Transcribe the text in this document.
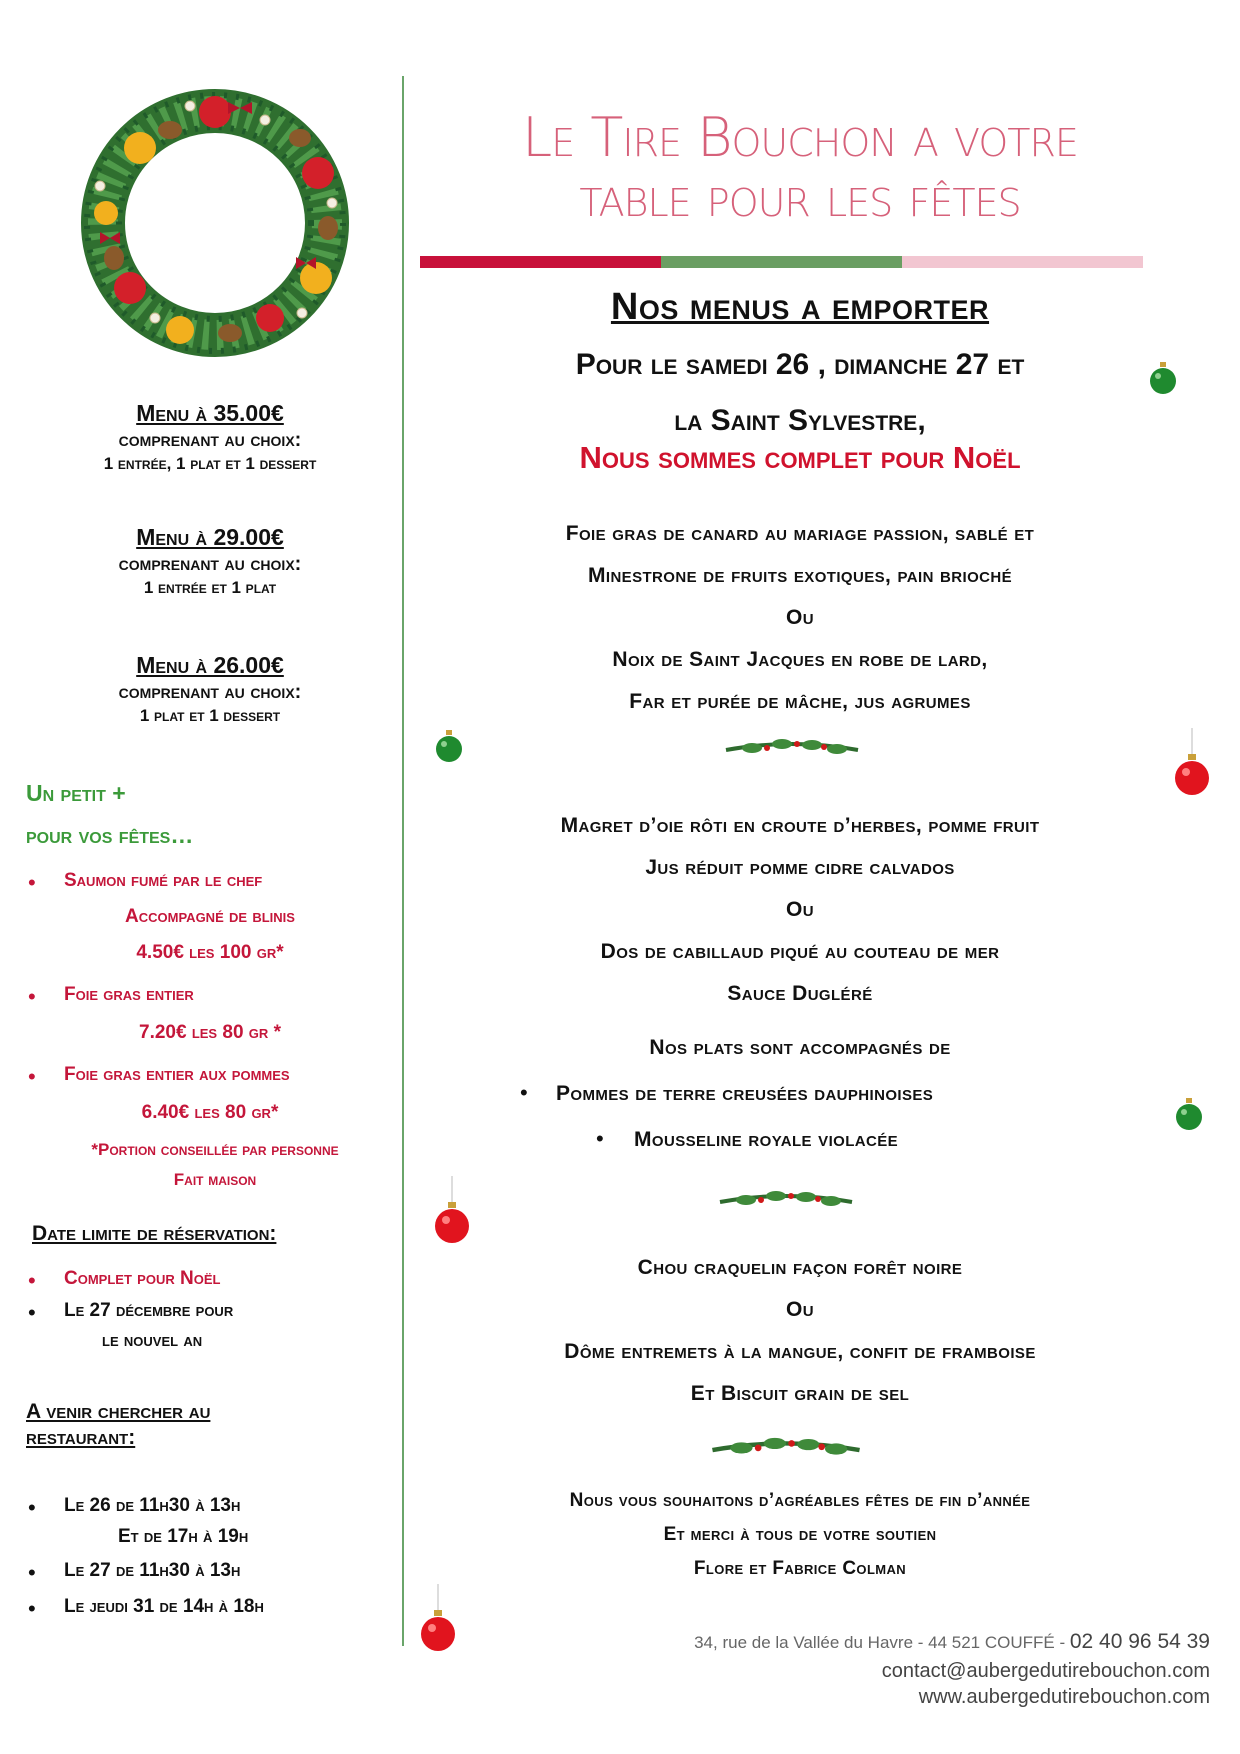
Menu à 35.00€
comprenant au choix:
1 entrée, 1 plat et 1 dessert
Menu à 29.00€
comprenant au choix:
1 entrée et 1 plat
Menu à 26.00€
comprenant au choix:
1 plat et 1 dessert
Un petit +
pour vos fêtes…
• Saumon fumé par le chef
Accompagné de blinis
4.50€ les 100 gr*
• Foie gras entier
7.20€ les 80 gr *
• Foie gras entier aux pommes
6.40€ les 80 gr*
*Portion conseillée par personne
Fait maison
Date limite de réservation:
• Complet pour Noël
• Le 27 décembre pour
le nouvel an
A venir chercher au
restaurant:
• Le 26 de 11h30 à 13h
Et de 17h à 19h
• Le 27 de 11h30 à 13h
• Le jeudi 31 de 14h à 18h
Le Tire Bouchon a votre
table pour les fêtes
Nos menus a emporter
Pour le samedi 26 , dimanche 27 et
la Saint Sylvestre,
Nous sommes complet pour Noël
Foie gras de canard au mariage passion, sablé et
Minestrone de fruits exotiques, pain brioché
Ou
Noix de Saint Jacques en robe de lard,
Far et purée de mâche, jus agrumes
Magret d’oie rôti en croute d’herbes, pomme fruit
Jus réduit pomme cidre calvados
Ou
Dos de cabillaud piqué au couteau de mer
Sauce Dugléré
Nos plats sont accompagnés de
• Pommes de terre creusées dauphinoises
• Mousseline royale violacée
Chou craquelin façon forêt noire
Ou
Dôme entremets à la mangue, confit de framboise
Et Biscuit grain de sel
Nous vous souhaitons d’agréables fêtes de fin d’année
Et merci à tous de votre soutien
Flore et Fabrice Colman
34, rue de la Vallée du Havre - 44 521 COUFFÉ - 02 40 96 54 39
contact@aubergedutirebouchon.com
www.aubergedutirebouchon.com
